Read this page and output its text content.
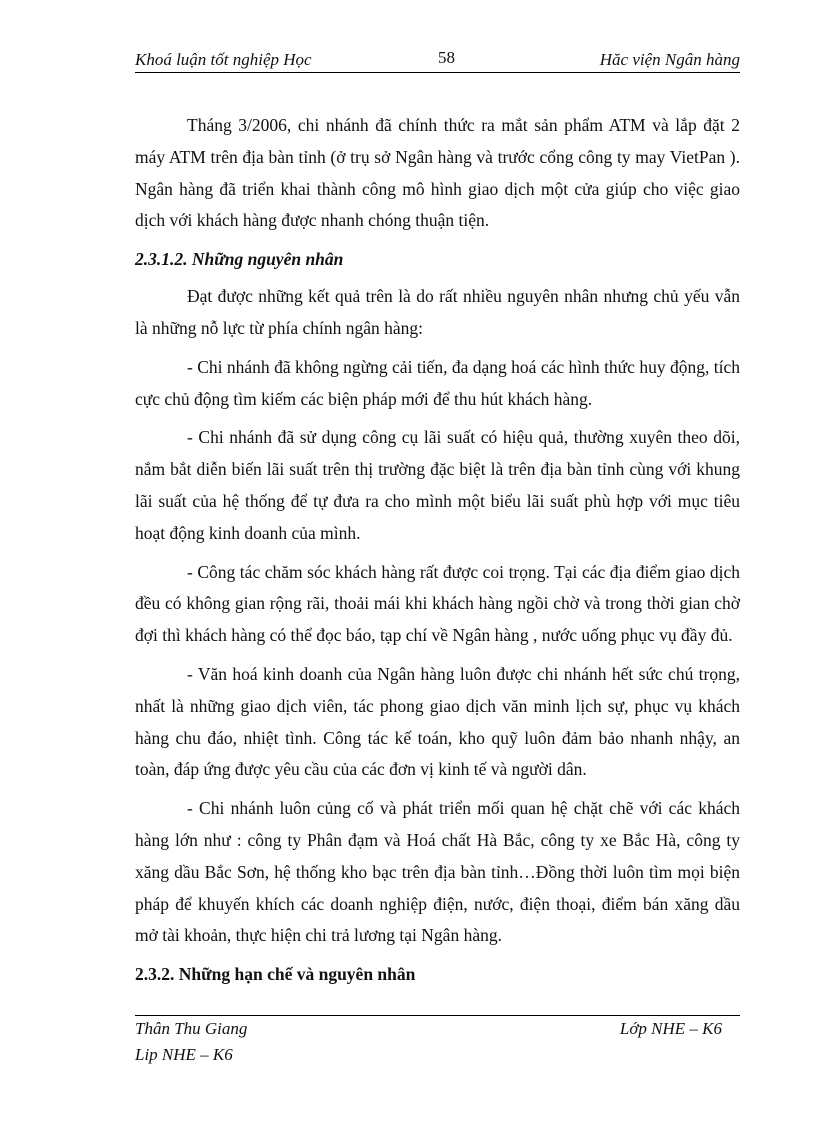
Khoá luận tốt nghiệp Học	58	Hăc viện Ngân hàng

Tháng 3/2006, chi nhánh đã chính thức ra mắt sản phẩm ATM và lắp đặt 2 máy ATM trên địa bàn tỉnh (ở trụ sở Ngân hàng và trước cổng công ty may VietPan ). Ngân hàng đã triển khai thành công mô hình giao dịch một cửa giúp cho việc giao dịch với khách hàng được nhanh chóng thuận tiện.

2.3.1.2. Những nguyên nhân

Đạt được những kết quả trên là do rất nhiều nguyên nhân nhưng chủ yếu vẫn là những nỗ lực từ phía chính ngân hàng:

- Chi nhánh đã không ngừng cải tiến, đa dạng hoá các hình thức huy động, tích cực chủ động tìm kiếm các biện pháp mới để thu hút khách hàng.

- Chi nhánh đã sử dụng công cụ lãi suất có hiệu quả, thường xuyên theo dõi, nắm bắt diễn biến lãi suất trên thị trường đặc biệt là trên địa bàn tỉnh cùng với khung lãi suất của hệ thống để tự đưa ra cho mình một biểu lãi suất phù hợp với mục tiêu hoạt động kinh doanh của mình.

- Công tác chăm sóc khách hàng rất được coi trọng. Tại các địa điểm giao dịch đều có không gian rộng rãi, thoải mái khi khách hàng ngồi chờ và trong thời gian chờ đợi thì khách hàng có thể đọc báo, tạp chí về Ngân hàng , nước uống phục vụ đầy đủ.

- Văn hoá kinh doanh của Ngân hàng luôn được chi nhánh hết sức chú trọng, nhất là những giao dịch viên, tác phong giao dịch văn minh lịch sự, phục vụ khách hàng chu đáo, nhiệt tình. Công tác kế toán, kho quỹ luôn đảm bảo nhanh nhậy, an toàn, đáp ứng được yêu cầu của các đơn vị kinh tế và người dân.

- Chi nhánh luôn củng cố và phát triển mối quan hệ chặt chẽ với các khách hàng lớn như : công ty Phân đạm và Hoá chất Hà Bắc, công ty xe Bắc Hà, công ty xăng dầu Bắc Sơn, hệ thống kho bạc trên địa bàn tỉnh…Đồng thời luôn tìm mọi biện pháp để khuyến khích các doanh nghiệp điện, nước, điện thoại, điểm bán xăng dầu mở tài khoản, thực hiện chi trả lương tại Ngân hàng.

2.3.2. Những hạn chế và nguyên nhân
Thân Thu Giang	Lớp NHE – K6
Lip NHE – K6
